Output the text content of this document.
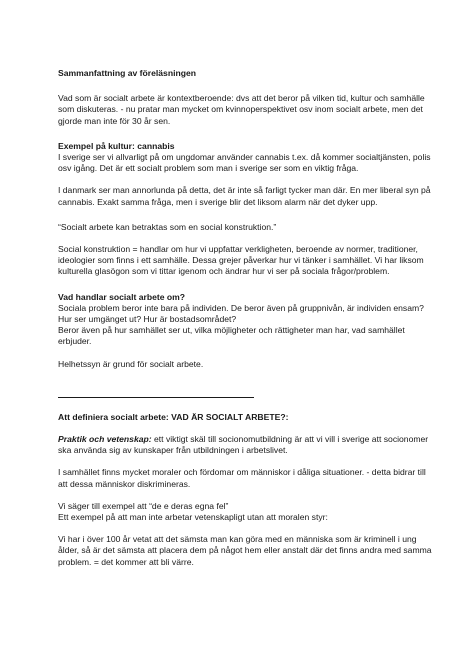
Sammanfattning av föreläsningen

Vad som är socialt arbete är kontextberoende: dvs att det beror på vilken tid, kultur och samhälle som diskuteras. - nu pratar man mycket om kvinnoperspektivet osv inom socialt arbete, men det gjorde man inte för 30 år sen.

Exempel på kultur: cannabis

I sverige ser vi allvarligt på om ungdomar använder cannabis t.ex. då kommer socialtjänsten, polis osv igång. Det är ett socialt problem som man i sverige ser som en viktig fråga.

I danmark ser man annorlunda på detta, det är inte så farligt tycker man där. En mer liberal syn på cannabis. Exakt samma fråga, men i sverige blir det liksom alarm när det dyker upp.

“Socialt arbete kan betraktas som en social konstruktion.”

Social konstruktion = handlar om hur vi uppfattar verkligheten, beroende av normer, traditioner, ideologier som finns i ett samhälle. Dessa grejer påverkar hur vi tänker i samhället. Vi har liksom kulturella glasögon som vi tittar igenom och ändrar hur vi ser på sociala frågor/problem.

Vad handlar socialt arbete om?

Sociala problem beror inte bara på individen. De beror även på gruppnivån, är individen ensam? Hur ser umgänget ut? Hur är bostadsområdet?

Beror även på hur samhället ser ut, vilka möjligheter och rättigheter man har, vad samhället erbjuder.

Helhetssyn är grund för socialt arbete.

Att definiera socialt arbete: VAD ÄR SOCIALT ARBETE?:

Praktik och vetenskap: ett viktigt skäl till socionomutbildning är att vi vill i sverige att socionomer ska använda sig av kunskaper från utbildningen i arbetslivet.

I samhället finns mycket moraler och fördomar om människor i dåliga situationer. - detta bidrar till att dessa människor diskrimineras.

Vi säger till exempel att “de e deras egna fel”

Ett exempel på att man inte arbetar vetenskapligt utan att moralen styr:

Vi har i över 100 år vetat att det sämsta man kan göra med en människa som är kriminell i ung ålder, så är det sämsta att placera dem på något hem eller anstalt där det finns andra med samma problem. = det kommer att bli värre.
